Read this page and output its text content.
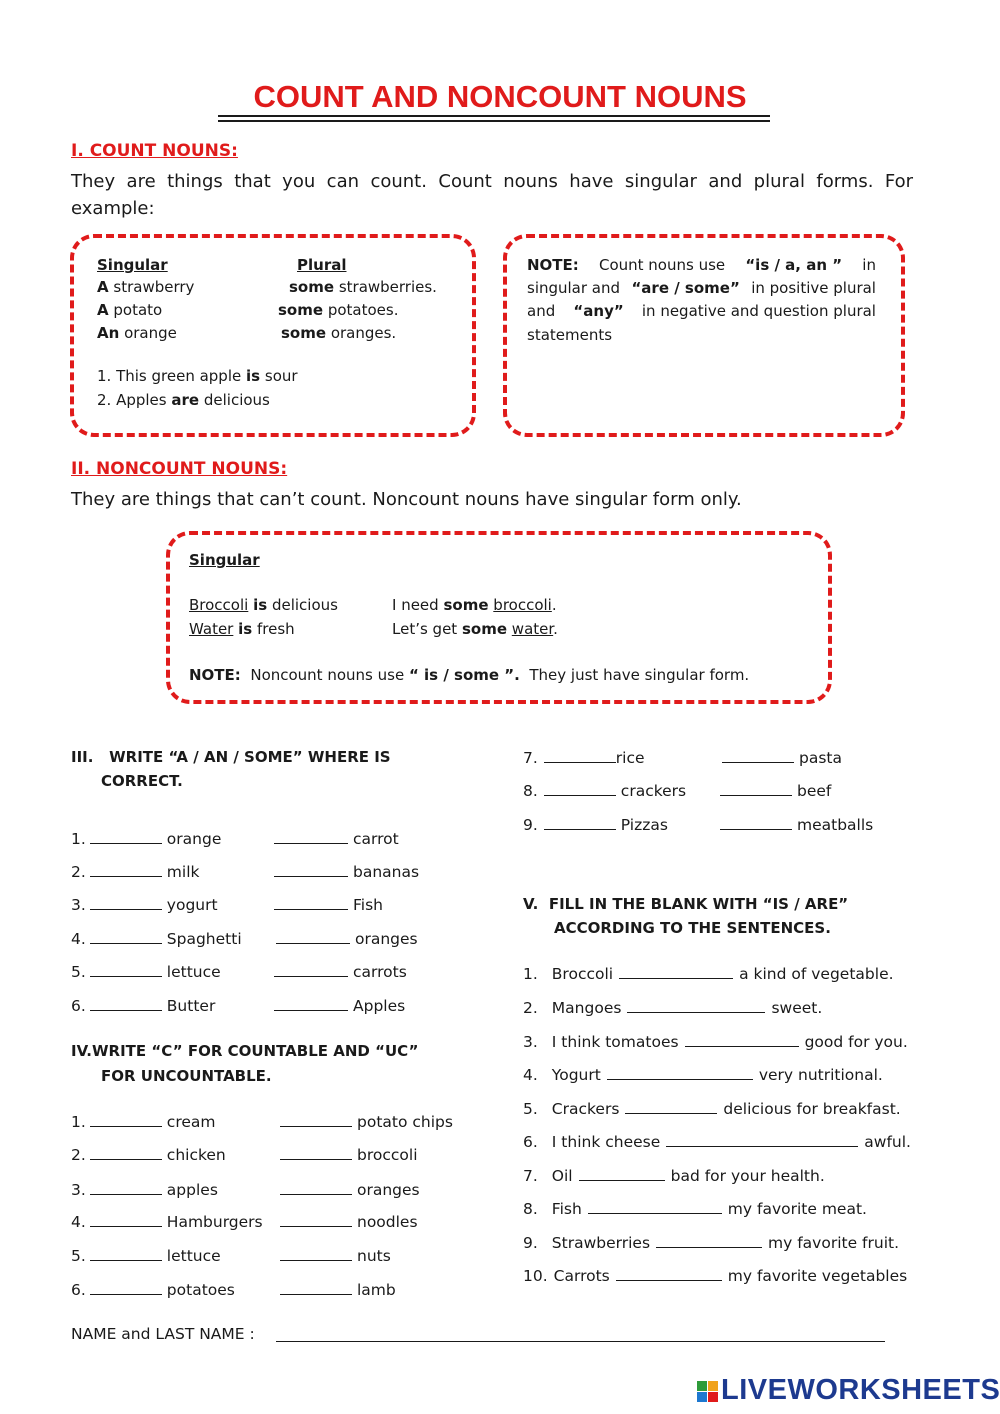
COUNT AND NONCOUNT NOUNS
I. COUNT NOUNS:
They are things that you can count. Count nouns have singular and plural forms. For
example:
Singular	Plural
A strawberry	some strawberries.
A potato	some potatoes.
An orange	some oranges.
1. This green apple is sour
2. Apples are delicious
NOTE: Count nouns use “is / a, an ” in
singular and “are / some” in positive plural
and “any” in negative and question plural
statements
II. NONCOUNT NOUNS:
They are things that can’t count. Noncount nouns have singular form only.
Singular
Broccoli is delicious	I need some broccoli.
Water is fresh	Let’s get some water.
NOTE: Noncount nouns use “ is / some ”. They just have singular form.
III. WRITE “A / AN / SOME” WHERE IS
CORRECT.
1.	orange	carrot
2.	milk	bananas
3.	yogurt	Fish
4.	Spaghetti	oranges
5.	lettuce	carrots
6.	Butter	Apples
7.	rice	pasta
8.	crackers	beef
9.	Pizzas	meatballs
IV.WRITE “C” FOR COUNTABLE AND “UC”
FOR UNCOUNTABLE.
1.	cream	potato chips
2.	chicken	broccoli
3.	apples	oranges
4.	Hamburgers	noodles
5.	lettuce	nuts
6.	potatoes	lamb
V. FILL IN THE BLANK WITH “IS / ARE”
ACCORDING TO THE SENTENCES.
1. Broccoli	a kind of vegetable.
2. Mangoes	sweet.
3. I think tomatoes	good for you.
4. Yogurt	very nutritional.
5. Crackers	delicious for breakfast.
6. I think cheese	awful.
7. Oil	bad for your health.
8. Fish	my favorite meat.
9. Strawberries	my favorite fruit.
10. Carrots	my favorite vegetables
NAME and LAST NAME :
LIVEWORKSHEETS
